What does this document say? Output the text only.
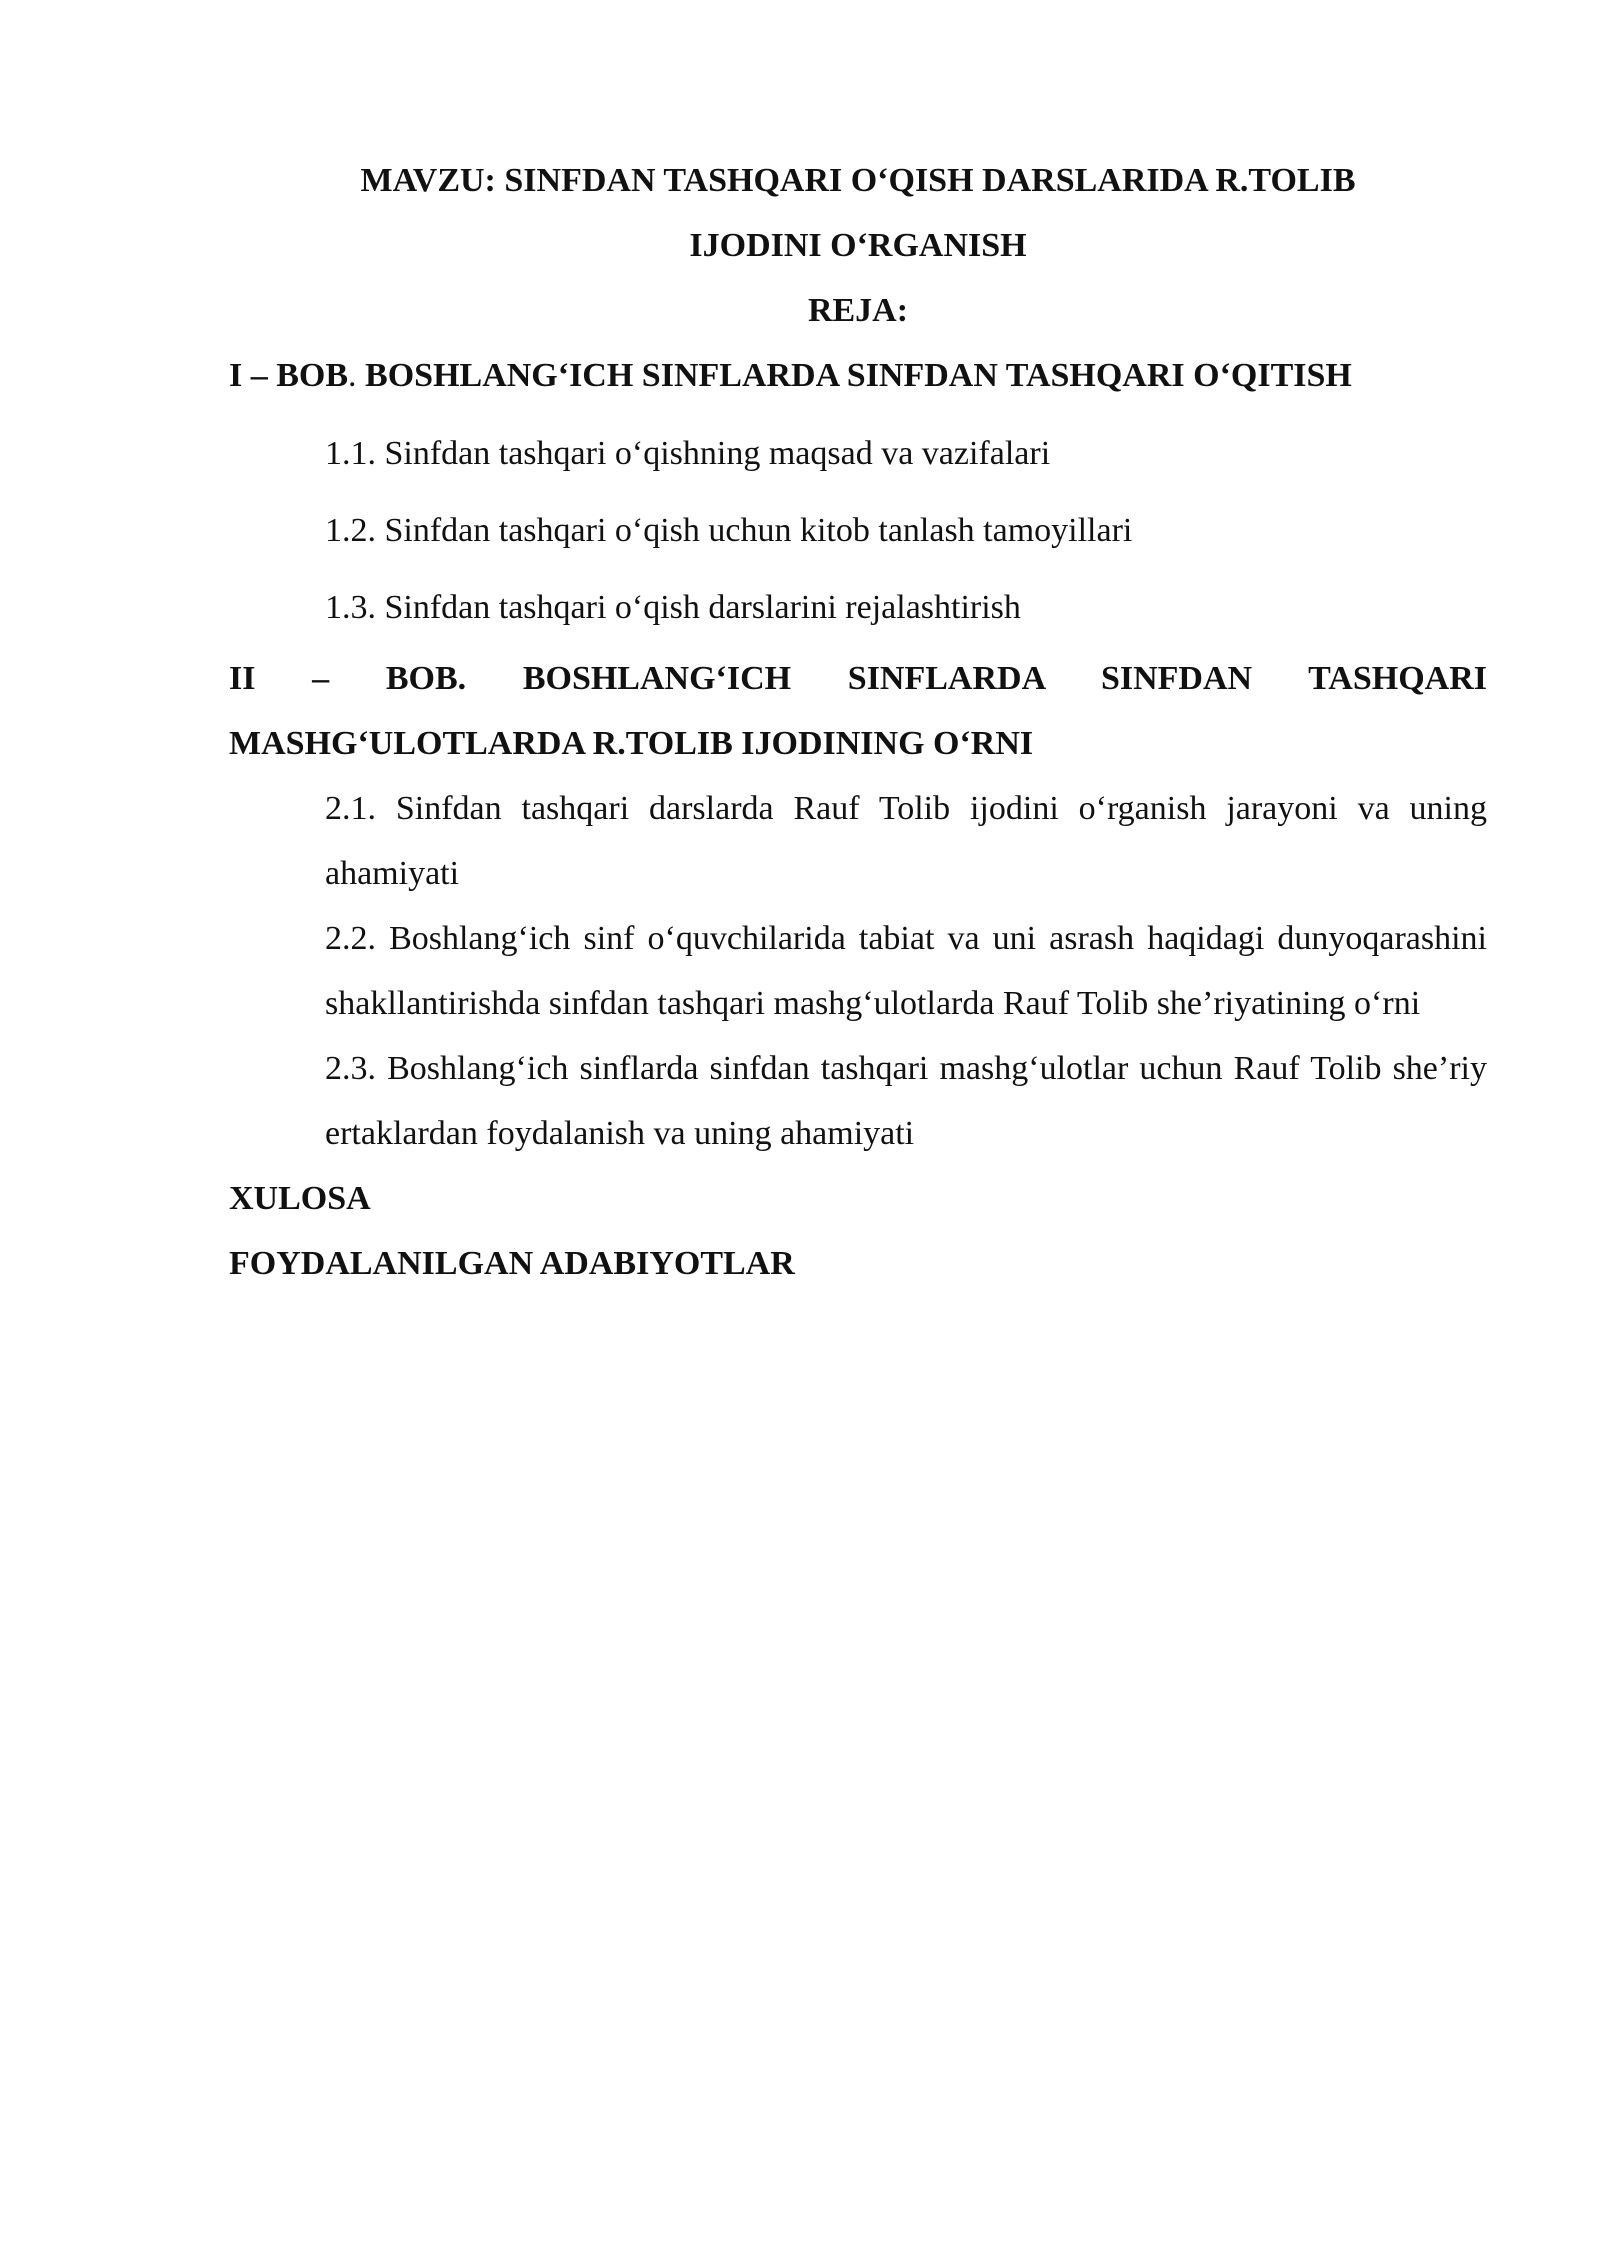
MAVZU: SINFDAN TASHQARI O‘QISH DARSLARIDA R.TOLIB
IJODINI O‘RGANISH

REJA:

I – BOB. BOSHLANG‘ICH SINFLARDA SINFDAN TASHQARI O‘QITISH

1.1. Sinfdan tashqari o‘qishning maqsad va vazifalari

1.2. Sinfdan tashqari o‘qish uchun kitob tanlash tamoyillari

1.3. Sinfdan tashqari o‘qish darslarini rejalashtirish

II – BOB. BOSHLANG‘ICH SINFLARDA SINFDAN TASHQARI
MASHG‘ULOTLARDA R.TOLIB IJODINING O‘RNI

2.1. Sinfdan tashqari darslarda Rauf Tolib ijodini o‘rganish jarayoni va uning ahamiyati

2.2. Boshlang‘ich sinf o‘quvchilarida tabiat va uni asrash haqidagi dunyoqarashini shakllantirishda sinfdan tashqari mashg‘ulotlarda Rauf Tolib she’riyatining o‘rni

2.3. Boshlang‘ich sinflarda sinfdan tashqari mashg‘ulotlar uchun Rauf Tolib she’riy ertaklardan foydalanish va uning ahamiyati

XULOSA

FOYDALANILGAN ADABIYOTLAR
